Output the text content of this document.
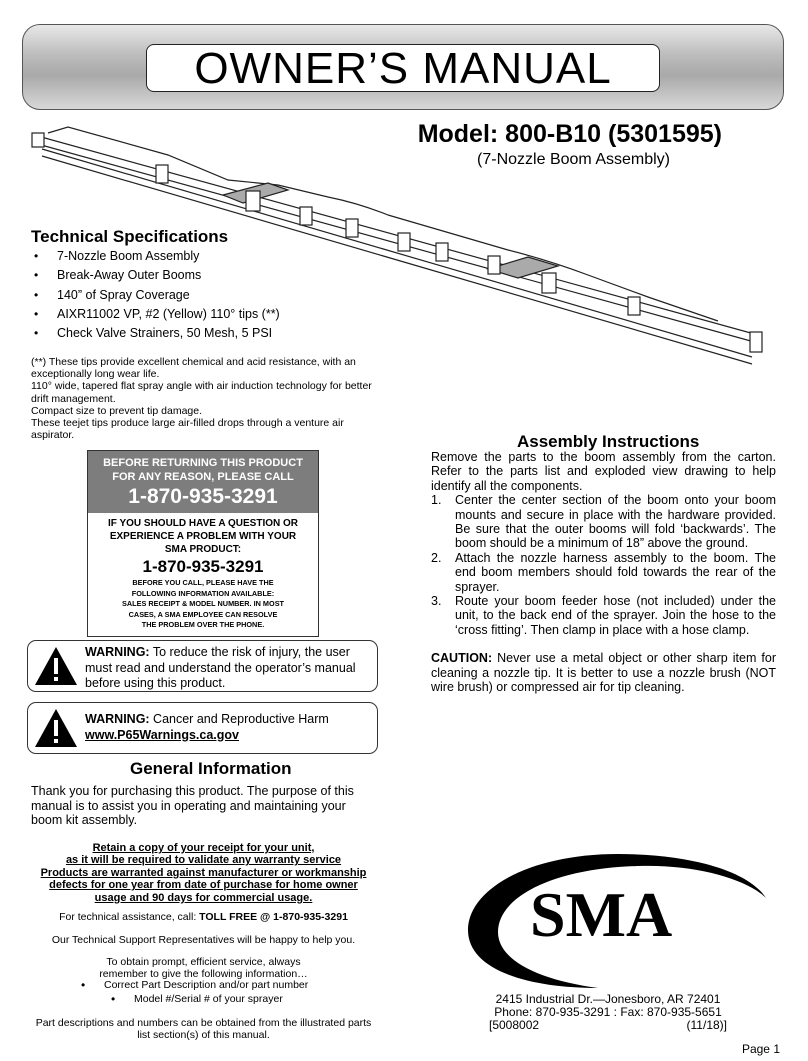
OWNER’S MANUAL
Model: 800-B10 (5301595)
(7-Nozzle Boom Assembly)
Technical Specifications
• 7-Nozzle Boom Assembly
• Break-Away Outer Booms
• 140” of Spray Coverage
• AIXR11002 VP, #2 (Yellow) 110° tips (**)
• Check Valve Strainers, 50 Mesh, 5 PSI

(**) These tips provide excellent chemical and acid resistance, with an exceptionally long wear life.

110° wide, tapered flat spray angle with air induction technology for better drift management.

Compact size to prevent tip damage.

These teejet tips produce large air-filled drops through a venture air aspirator.

BEFORE RETURNING THIS PRODUCT
FOR ANY REASON, PLEASE CALL
1-870-935-3291
IF YOU SHOULD HAVE A QUESTION OR
EXPERIENCE A PROBLEM WITH YOUR
SMA PRODUCT:
1-870-935-3291
BEFORE YOU CALL, PLEASE HAVE THE
FOLLOWING INFORMATION AVAILABLE:
SALES RECEIPT & MODEL NUMBER. IN MOST
CASES, A SMA EMPLOYEE CAN RESOLVE
THE PROBLEM OVER THE PHONE.
WARNING: To reduce the risk of injury, the user must read and understand the operator’s manual before using this product.
WARNING: Cancer and Reproductive Harm
www.P65Warnings.ca.gov
General Information
Thank you for purchasing this product. The purpose of this manual is to assist you in operating and maintaining your boom kit assembly.
Retain a copy of your receipt for your unit,
as it will be required to validate any warranty service
Products are warranted against manufacturer or workmanship
defects for one year from date of purchase for home owner
usage and 90 days for commercial usage.
For technical assistance, call: TOLL FREE @ 1-870-935-3291
Our Technical Support Representatives will be happy to help you.
To obtain prompt, efficient service, always remember to give the following information…
• Correct Part Description and/or part number
• Model #/Serial # of your sprayer
Part descriptions and numbers can be obtained from the illustrated parts list section(s) of this manual.
Assembly Instructions
Remove the parts to the boom assembly from the carton. Refer to the parts list and exploded view drawing to help identify all the components.
1. Center the center section of the boom onto your boom mounts and secure in place with the hardware provided. Be sure that the outer booms will fold ‘backwards’. The boom should be a minimum of 18” above the ground.
2. Attach the nozzle harness assembly to the boom. The end boom members should fold towards the rear of the sprayer.
3. Route your boom feeder hose (not included) under the unit, to the back end of the sprayer. Join the hose to the ‘cross fitting’. Then clamp in place with a hose clamp.
CAUTION: Never use a metal object or other sharp item for cleaning a nozzle tip. It is better to use a nozzle brush (NOT wire brush) or compressed air for tip cleaning.
SMA
2415 Industrial Dr.—Jonesboro, AR 72401
Phone: 870-935-3291 : Fax: 870-935-5651
[5008002	(11/18)]
Page 1
